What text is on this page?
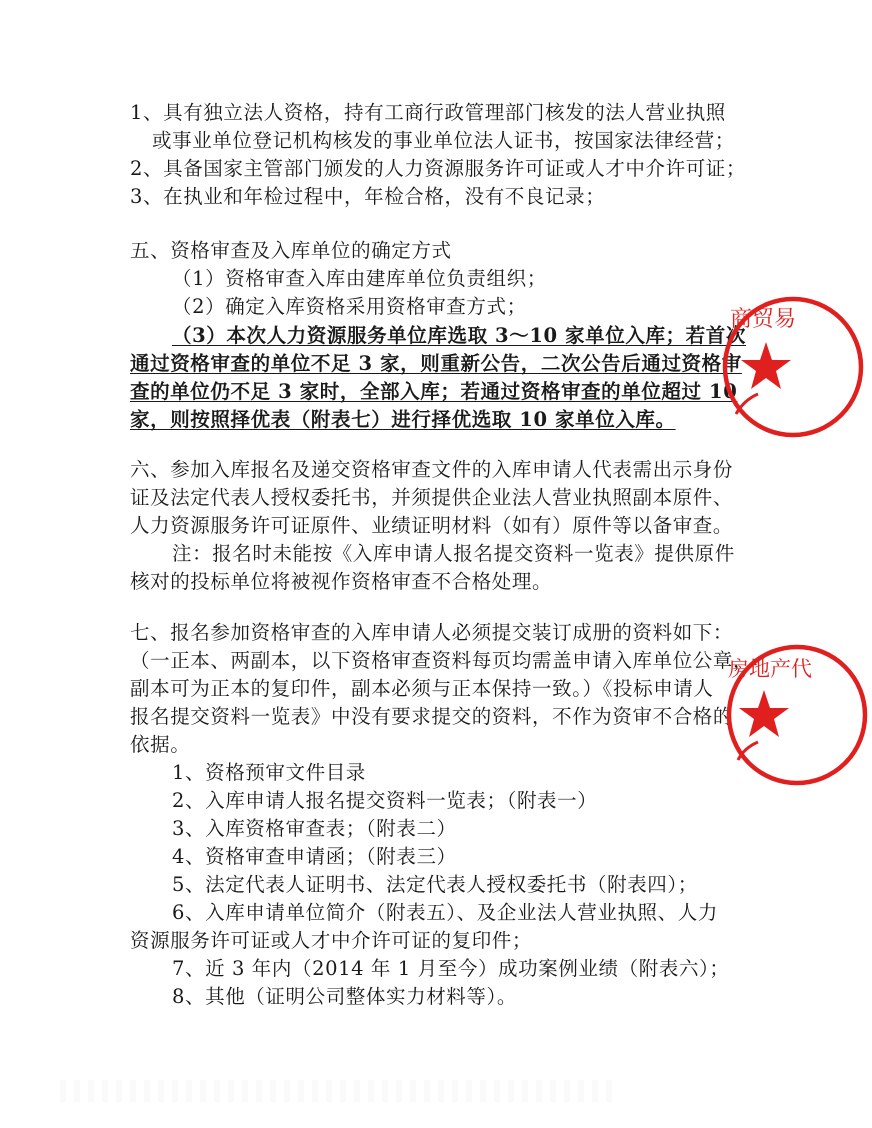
1、具有独立法人资格，持有工商行政管理部门核发的法人营业执照
或事业单位登记机构核发的事业单位法人证书，按国家法律经营；
2、具备国家主管部门颁发的人力资源服务许可证或人才中介许可证；
3、在执业和年检过程中，年检合格，没有不良记录；
五、资格审查及入库单位的确定方式
（1）资格审查入库由建库单位负责组织；
（2）确定入库资格采用资格审查方式；
（3）本次人力资源服务单位库选取 3～10 家单位入库；若首次
通过资格审查的单位不足 3 家，则重新公告，二次公告后通过资格审
查的单位仍不足 3 家时，全部入库；若通过资格审查的单位超过 10
家，则按照择优表（附表七）进行择优选取 10 家单位入库。
六、参加入库报名及递交资格审查文件的入库申请人代表需出示身份
证及法定代表人授权委托书，并须提供企业法人营业执照副本原件、
人力资源服务许可证原件、业绩证明材料（如有）原件等以备审查。
注：报名时未能按《入库申请人报名提交资料一览表》提供原件
核对的投标单位将被视作资格审查不合格处理。
七、报名参加资格审查的入库申请人必须提交装订成册的资料如下：
（一正本、两副本，以下资格审查资料每页均需盖申请入库单位公章，
副本可为正本的复印件，副本必须与正本保持一致。）《投标申请人
报名提交资料一览表》中没有要求提交的资料，不作为资审不合格的
依据。
1、资格预审文件目录
2、入库申请人报名提交资料一览表；（附表一）
3、入库资格审查表；（附表二）
4、资格审查申请函；（附表三）
5、法定代表人证明书、法定代表人授权委托书（附表四）；
6、入库申请单位简介（附表五）、及企业法人营业执照、人力
资源服务许可证或人才中介许可证的复印件；
7、近 3 年内（2014 年 1 月至今）成功案例业绩（附表六）；
8、其他（证明公司整体实力材料等）。
商贸易
房地产代
